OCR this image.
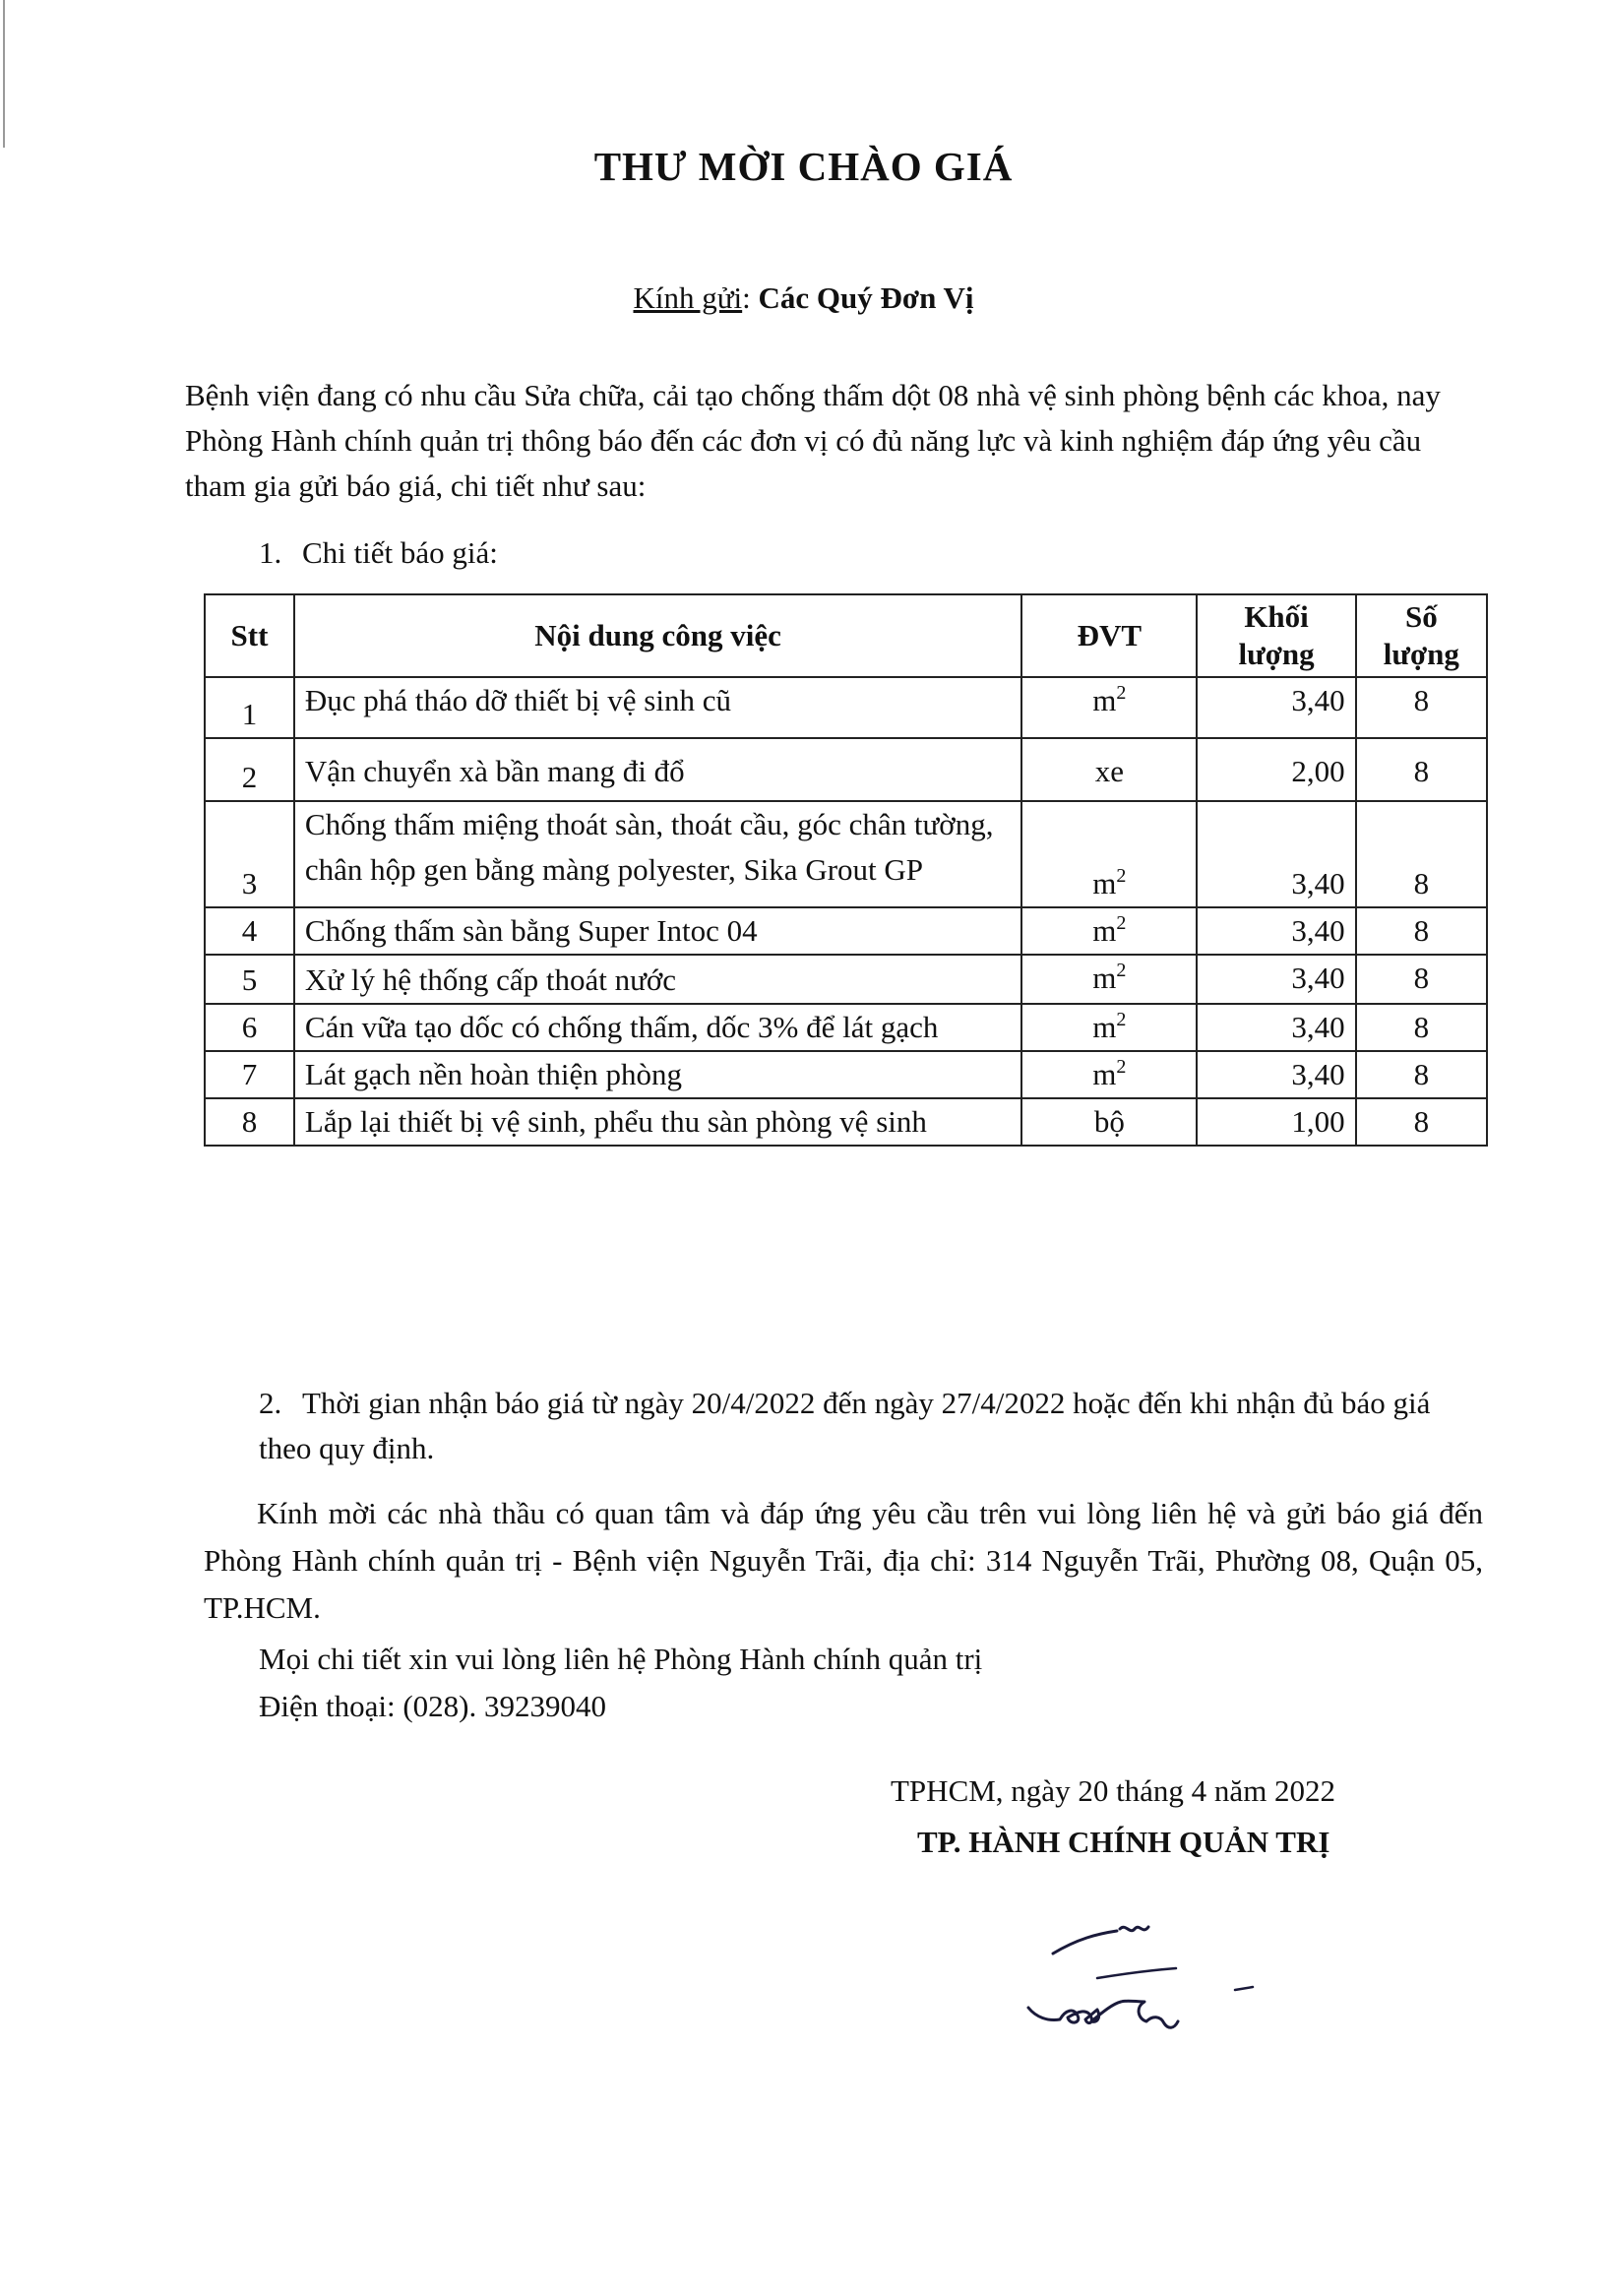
THƯ MỜI CHÀO GIÁ
Kính gửi: Các Quý Đơn Vị

Bệnh viện đang có nhu cầu Sửa chữa, cải tạo chống thấm dột 08 nhà vệ sinh phòng bệnh các khoa, nay Phòng Hành chính quản trị thông báo đến các đơn vị có đủ năng lực và kinh nghiệm đáp ứng yêu cầu tham gia gửi báo giá, chi tiết như sau:

1. Chi tiết báo giá:
Stt	Nội dung công việc	ĐVT	Khối lượng	Số lượng
1	Đục phá tháo dỡ thiết bị vệ sinh cũ	$m^2$	3,40	8
2	Vận chuyển xà bần mang đi đổ	xe	2,00	8
3	Chống thấm miệng thoát sàn, thoát cầu, góc chân tường, chân hộp gen bằng màng polyester, Sika Grout GP	$m^2$	3,40	8
4	Chống thấm sàn bằng Super Intoc 04	$m^2$	3,40	8
5	Xử lý hệ thống cấp thoát nước	$m^2$	3,40	8
6	Cán vữa tạo dốc có chống thấm, dốc 3% để lát gạch	$m^2$	3,40	8
7	Lát gạch nền hoàn thiện phòng	$m^2$	3,40	8
8	Lắp lại thiết bị vệ sinh, phểu thu sàn phòng vệ sinh	bộ	1,00	8
2. Thời gian nhận báo giá từ ngày 20/4/2022 đến ngày 27/4/2022 hoặc đến khi nhận đủ báo giá theo quy định.
Kính mời các nhà thầu có quan tâm và đáp ứng yêu cầu trên vui lòng liên hệ và gửi báo giá đến Phòng Hành chính quản trị - Bệnh viện Nguyễn Trãi, địa chỉ: 314 Nguyễn Trãi, Phường 08, Quận 05, TP.HCM.
Mọi chi tiết xin vui lòng liên hệ Phòng Hành chính quản trị
Điện thoại: (028). 39239040
TPHCM, ngày 20 tháng 4 năm 2022
TP. HÀNH CHÍNH QUẢN TRỊ
